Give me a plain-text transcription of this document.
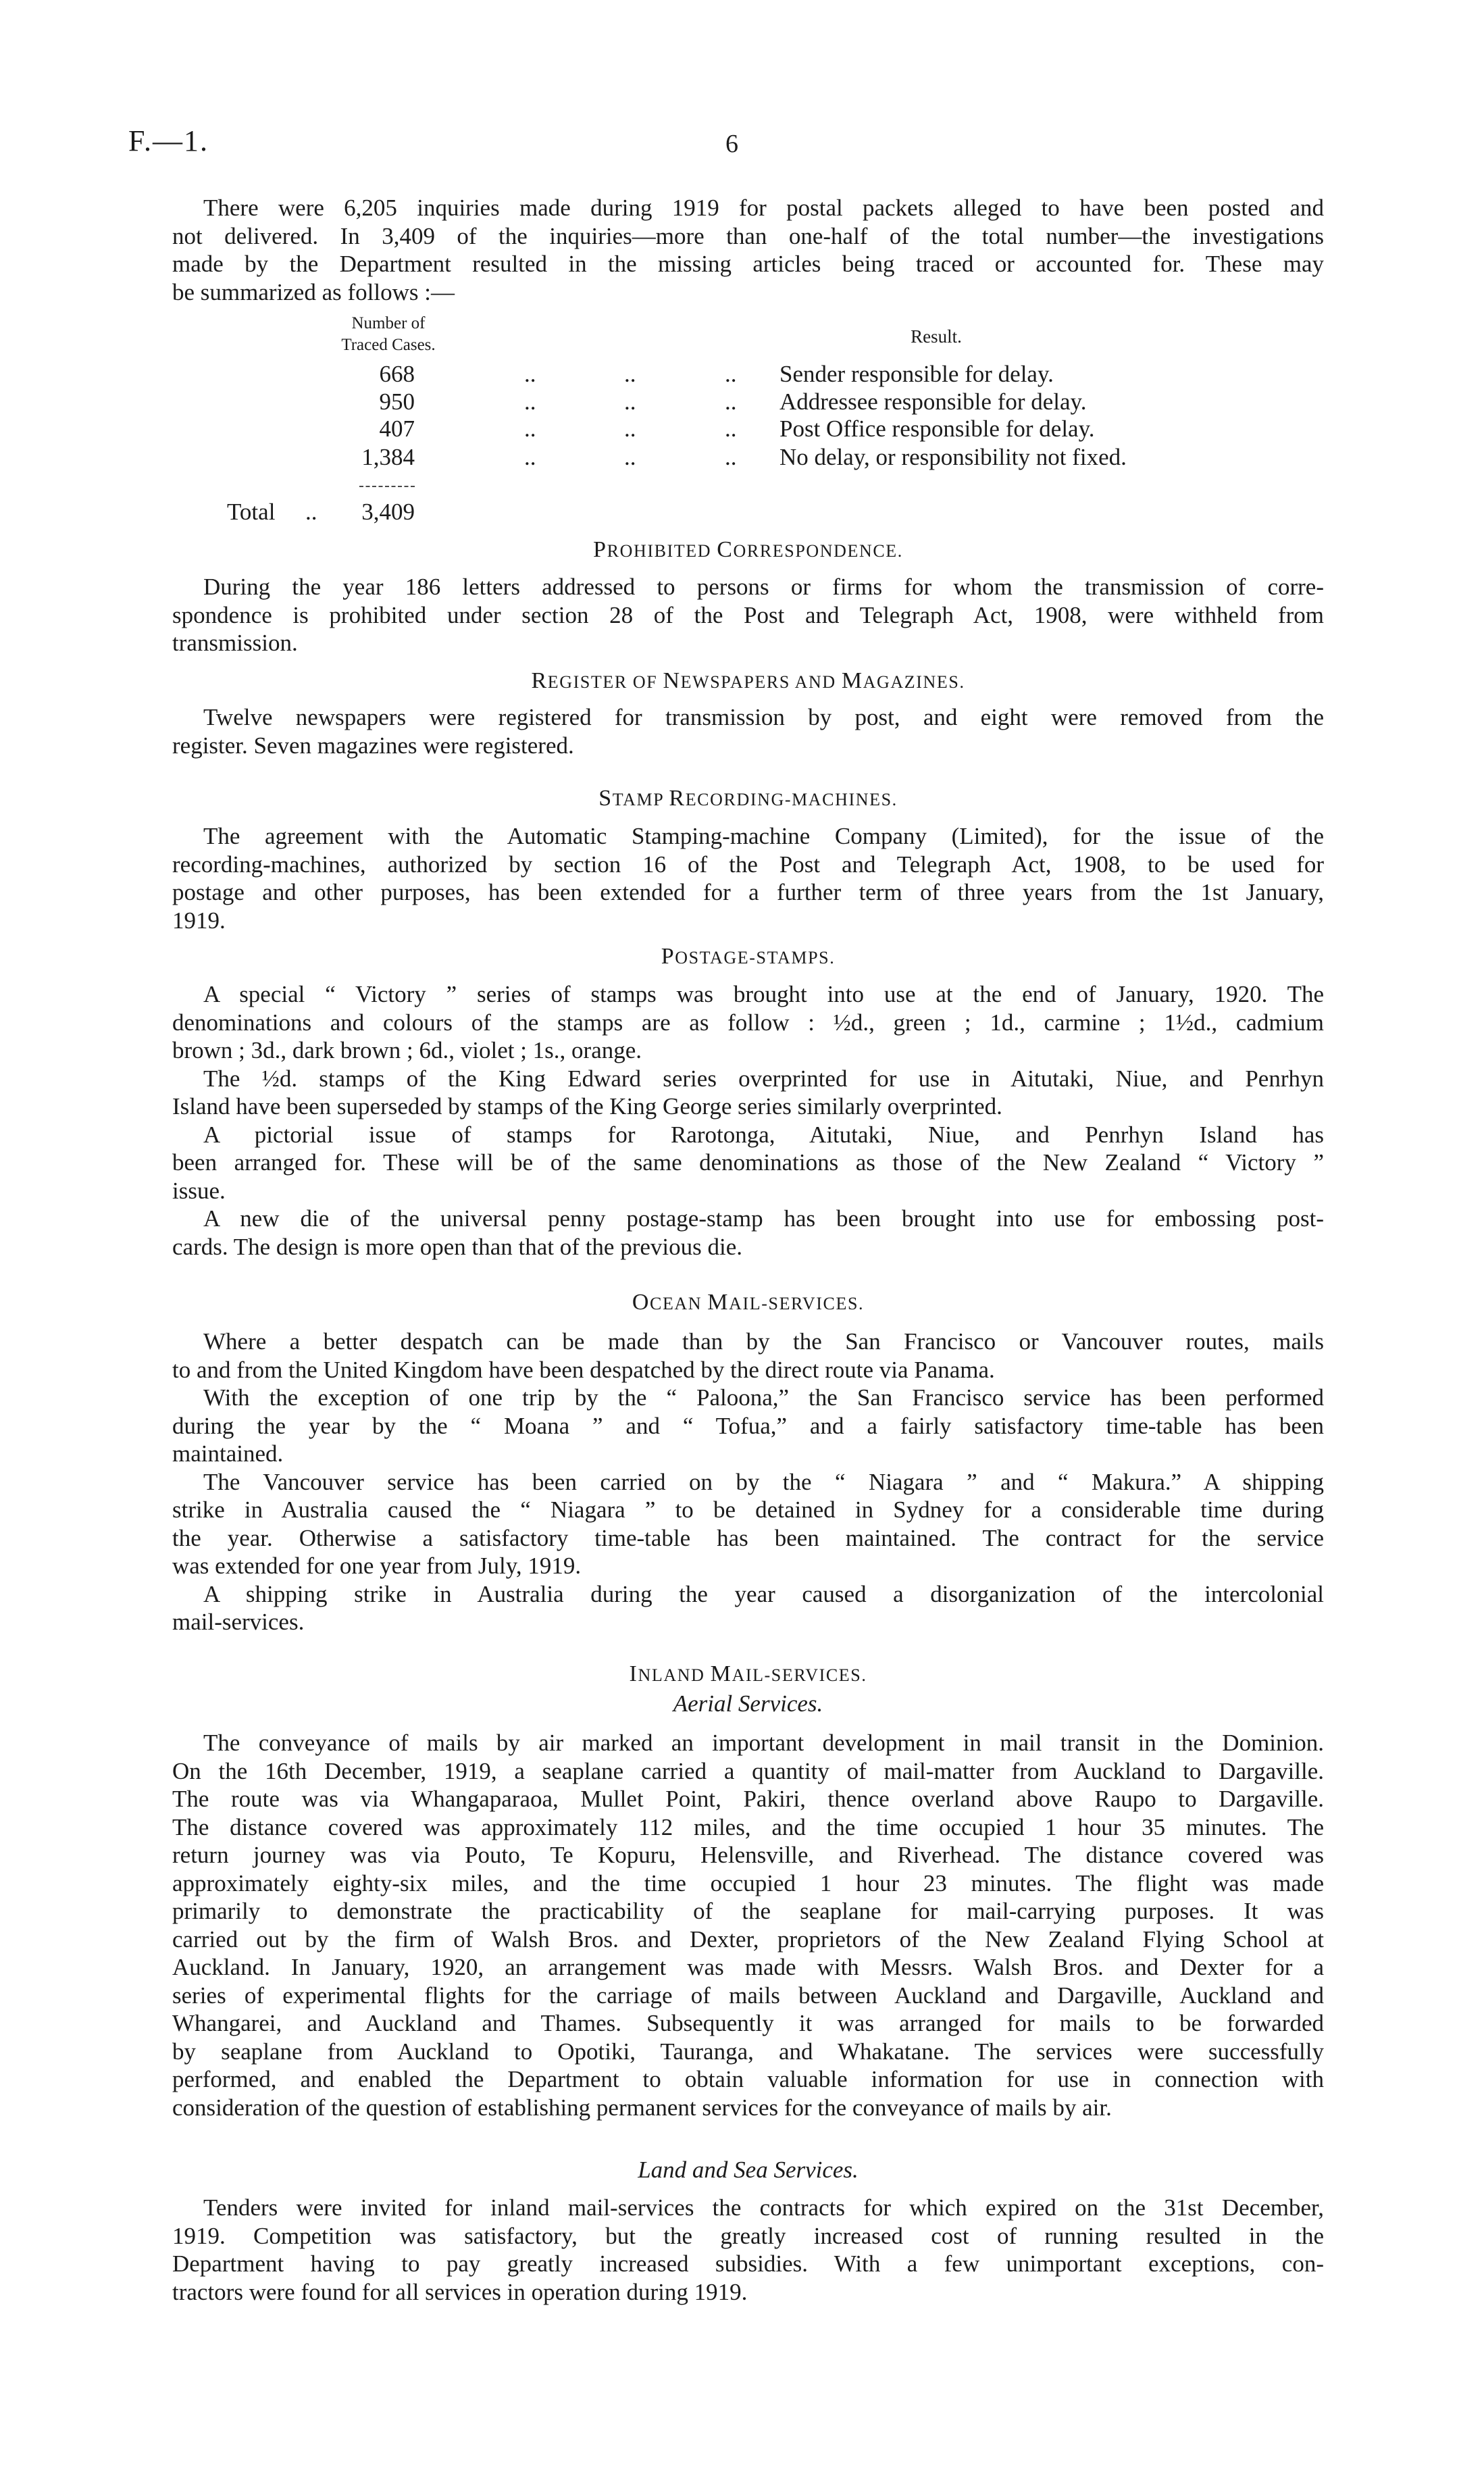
F.—1.	6
There were 6,205 inquiries made during 1919 for postal packets alleged to have been posted and
not delivered. In 3,409 of the inquiries—more than one-half of the total number—the investigations
made by the Department resulted in the missing articles being traced or accounted for. These may
be summarized as follows :—
Number of
Traced Cases.	Result.
668	..	..	.. Sender responsible for delay.
950	..	..	.. Addressee responsible for delay.
407	..	..	.. Post Office responsible for delay.
1,384	..	..	.. No delay, or responsibility not fixed.
Total ..	3,409
PROHIBITED CORRESPONDENCE.
During the year 186 letters addressed to persons or firms for whom the transmission of corre-
spondence is prohibited under section 28 of the Post and Telegraph Act, 1908, were withheld from
transmission.
REGISTER OF NEWSPAPERS AND MAGAZINES.
Twelve newspapers were registered for transmission by post, and eight were removed from the
register. Seven magazines were registered.
STAMP RECORDING-MACHINES.
The agreement with the Automatic Stamping-machine Company (Limited), for the issue of the
recording-machines, authorized by section 16 of the Post and Telegraph Act, 1908, to be used for
postage and other purposes, has been extended for a further term of three years from the 1st January,
1919.
POSTAGE-STAMPS.
A special “ Victory ” series of stamps was brought into use at the end of January, 1920. The
denominations and colours of the stamps are as follow : ½d., green ; 1d., carmine ; 1½d., cadmium
brown ; 3d., dark brown ; 6d., violet ; 1s., orange.
The ½d. stamps of the King Edward series overprinted for use in Aitutaki, Niue, and Penrhyn
Island have been superseded by stamps of the King George series similarly overprinted.
A pictorial issue of stamps for Rarotonga, Aitutaki, Niue, and Penrhyn Island has
been arranged for. These will be of the same denominations as those of the New Zealand “ Victory ”
issue.
A new die of the universal penny postage-stamp has been brought into use for embossing post-
cards. The design is more open than that of the previous die.
OCEAN MAIL-SERVICES.
Where a better despatch can be made than by the San Francisco or Vancouver routes, mails
to and from the United Kingdom have been despatched by the direct route via Panama.
With the exception of one trip by the “ Paloona,” the San Francisco service has been performed
during the year by the “ Moana ” and “ Tofua,” and a fairly satisfactory time-table has been
maintained.
The Vancouver service has been carried on by the “ Niagara ” and “ Makura.” A shipping
strike in Australia caused the “ Niagara ” to be detained in Sydney for a considerable time during
the year. Otherwise a satisfactory time-table has been maintained. The contract for the service
was extended for one year from July, 1919.
A shipping strike in Australia during the year caused a disorganization of the intercolonial
mail-services.
INLAND MAIL-SERVICES.
Aerial Services.
The conveyance of mails by air marked an important development in mail transit in the Dominion.
On the 16th December, 1919, a seaplane carried a quantity of mail-matter from Auckland to Dargaville.
The route was via Whangaparaoa, Mullet Point, Pakiri, thence overland above Raupo to Dargaville.
The distance covered was approximately 112 miles, and the time occupied 1 hour 35 minutes. The
return journey was via Pouto, Te Kopuru, Helensville, and Riverhead. The distance covered was
approximately eighty-six miles, and the time occupied 1 hour 23 minutes. The flight was made
primarily to demonstrate the practicability of the seaplane for mail-carrying purposes. It was
carried out by the firm of Walsh Bros. and Dexter, proprietors of the New Zealand Flying School at
Auckland. In January, 1920, an arrangement was made with Messrs. Walsh Bros. and Dexter for a
series of experimental flights for the carriage of mails between Auckland and Dargaville, Auckland and
Whangarei, and Auckland and Thames. Subsequently it was arranged for mails to be forwarded
by seaplane from Auckland to Opotiki, Tauranga, and Whakatane. The services were successfully
performed, and enabled the Department to obtain valuable information for use in connection with
consideration of the question of establishing permanent services for the conveyance of mails by air.
Land and Sea Services.
Tenders were invited for inland mail-services the contracts for which expired on the 31st December,
1919. Competition was satisfactory, but the greatly increased cost of running resulted in the
Department having to pay greatly increased subsidies. With a few unimportant exceptions, con-
tractors were found for all services in operation during 1919.
